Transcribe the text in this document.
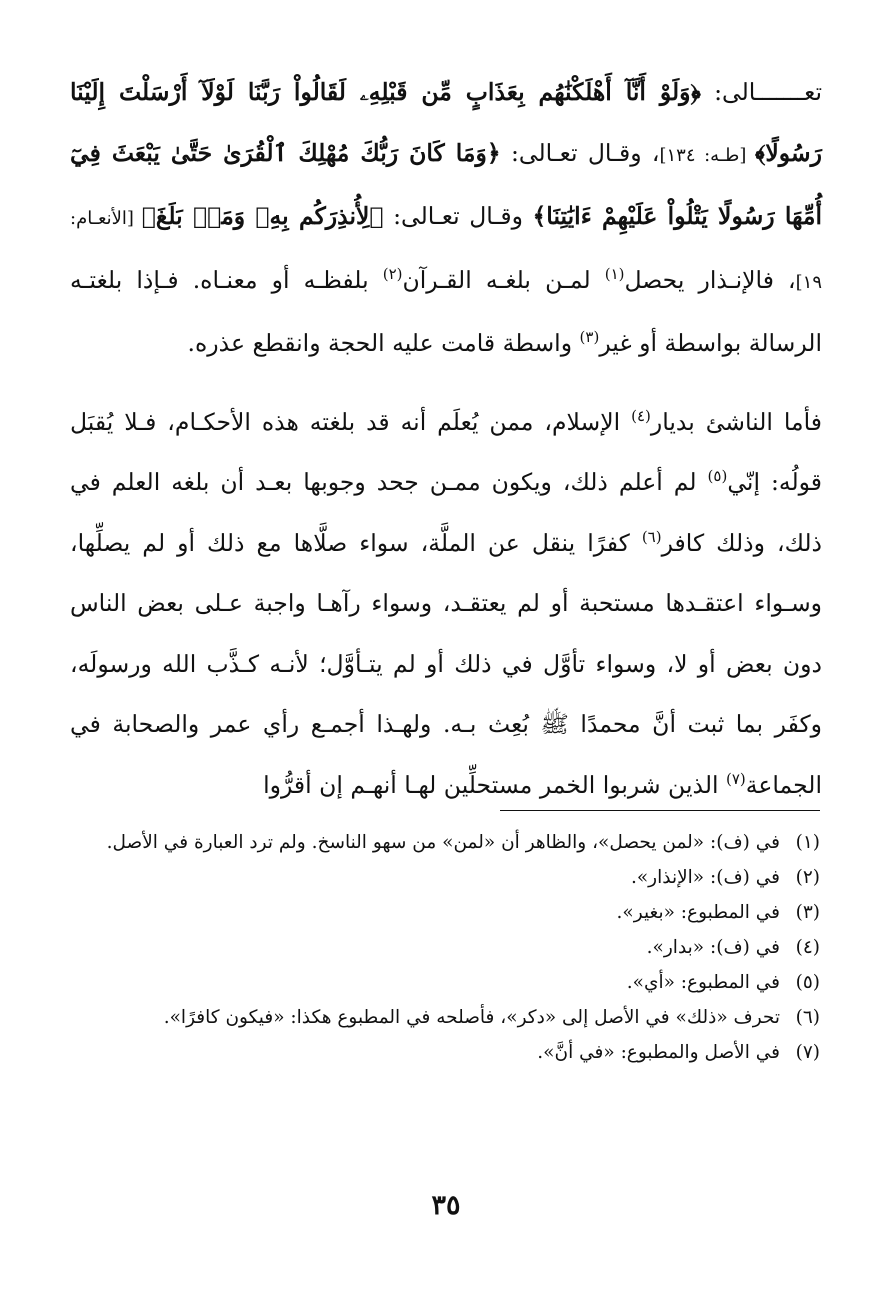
تعـــــــالى: ﴿وَلَوْ أَنَّآ أَهْلَكْنَٰهُم بِعَذَابٍ مِّن قَبْلِهِۦ لَقَالُواْ رَبَّنَا لَوْلَآ أَرْسَلْتَ إِلَيْنَا رَسُولًا﴾ [طـه: ١٣٤]، وقـال تعـالى: ﴿وَمَا كَانَ رَبُّكَ مُهْلِكَ ٱلْقُرَىٰ حَتَّىٰ يَبْعَثَ فِيٓ أُمِّهَا رَسُولًا يَتْلُواْ عَلَيْهِمْ ءَايَٰتِنَا﴾ وقـال تعـالى: ﴿لِأُنذِرَكُم بِهِۦ وَمَنۢ بَلَغَ﴾ [الأنعـام: ١٩]، فالإنـذار يحصل$^{(١)}$ لمـن بلغـه القـرآن$^{(٢)}$ بلفظـه أو معنـاه. فـإذا بلغتـه الرسالة بواسطة أو غير$^{(٣)}$ واسطة قامت عليه الحجة وانقطع عذره.

فأما الناشئ بديار$^{(٤)}$ الإسلام، ممن يُعلَم أنه قد بلغته هذه الأحكـام، فـلا يُقبَل قولُه: إنّي$^{(٥)}$ لم أعلم ذلك، ويكون ممـن جحد وجوبها بعـد أن بلغه العلم في ذلك، وذلك كافر$^{(٦)}$ كفرًا ينقل عن الملَّة، سواء صلَّاها مع ذلك أو لم يصلِّها، وسـواء اعتقـدها مستحبة أو لم يعتقـد، وسواء رآهـا واجبة عـلى بعض الناس دون بعض أو لا، وسواء تأوَّل في ذلك أو لم يتـأوَّل؛ لأنـه كـذَّب الله ورسولَه، وكفَر بما ثبت أنَّ محمدًا ﷺ بُعِث بـه. ولهـذا أجمـع رأي عمر والصحابة في الجماعة$^{(٧)}$ الذين شربوا الخمر مستحلِّين لهـا أنهـم إن أقرُّوا

(١)
في (ف): «لمن يحصل»، والظاهر أن «لمن» من سهو الناسخ. ولم ترد العبارة في الأصل.
(٢)
في (ف): «الإنذار».
(٣)
في المطبوع: «بغير».
(٤)
في (ف): «بدار».
(٥)
في المطبوع: «أي».
(٦)
تحرف «ذلك» في الأصل إلى «دكر»، فأصلحه في المطبوع هكذا: «فيكون كافرًا».
(٧)
في الأصل والمطبوع: «في أنَّ».
٣٥
